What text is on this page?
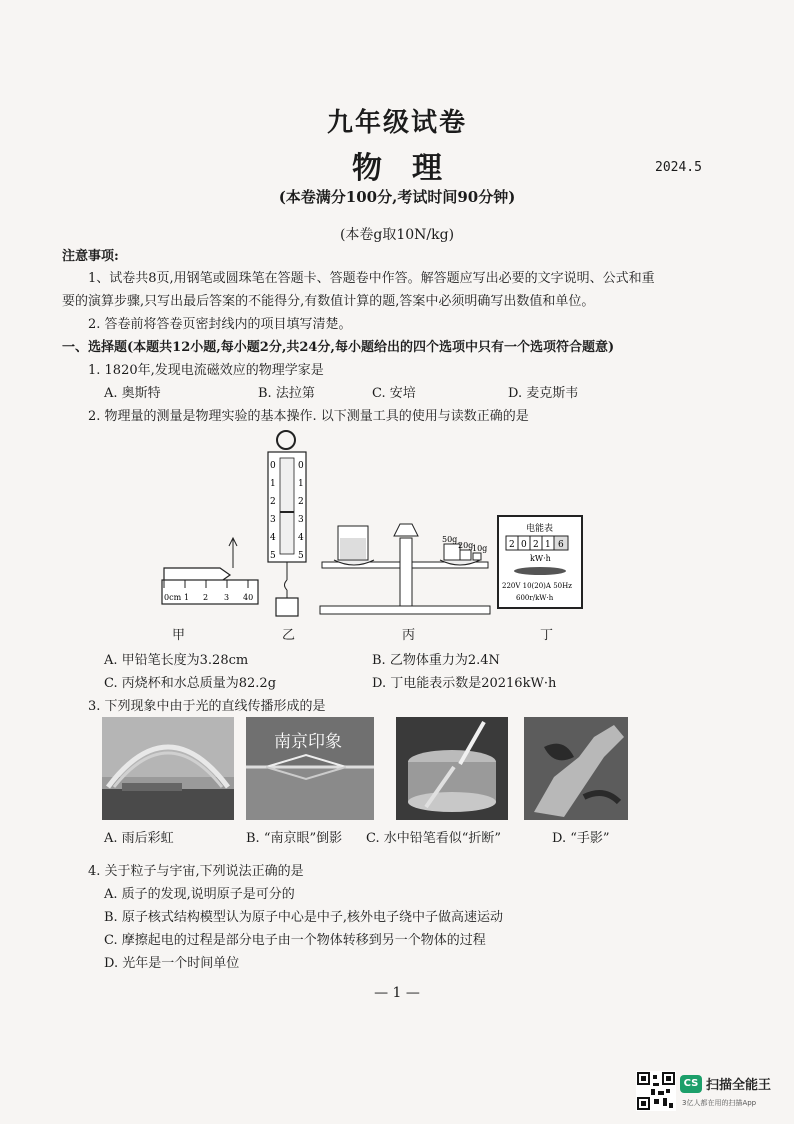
九年级试卷
物理	2024.5
(本卷满分100分,考试时间90分钟)
(本卷g取10N/kg)
注意事项:
1、试卷共8页,用钢笔或圆珠笔在答题卡、答题卷中作答。解答题应写出必要的文字说明、公式和重
要的演算步骤,只写出最后答案的不能得分,有数值计算的题,答案中必须明确写出数值和单位。
2. 答卷前将答卷页密封线内的项目填写清楚。
一、选择题(本题共12小题,每小题2分,共24分,每小题给出的四个选项中只有一个选项符合题意)
1. 1820年,发现电流磁效应的物理学家是
A. 奥斯特	B. 法拉第	C. 安培	D. 麦克斯韦
2. 物理量的测量是物理实验的基本操作. 以下测量工具的使用与读数正确的是
0cm 1 2 3 40
0
1
2
3
4
5
0
1
2
3
4
5
50g
20g
10g
电能表
2 0 2 1 6
kW·h
220V 10(20)A 50Hz
600r/kW·h
甲	乙	丙	丁
A. 甲铅笔长度为3.28cm	B. 乙物体重力为2.4N
C. 丙烧杯和水总质量为82.2g	D. 丁电能表示数是20216kW·h
3. 下列现象中由于光的直线传播形成的是
南京印象
A. 雨后彩虹	B. “南京眼”倒影 C. 水中铅笔看似“折断”	D. “手影”
4. 关于粒子与宇宙,下列说法正确的是
A. 质子的发现,说明原子是可分的
B. 原子核式结构模型认为原子中心是中子,核外电子绕中子做高速运动
C. 摩擦起电的过程是部分电子由一个物体转移到另一个物体的过程
D. 光年是一个时间单位
— 1 —
CS 扫描全能王
3亿人都在用的扫描App
